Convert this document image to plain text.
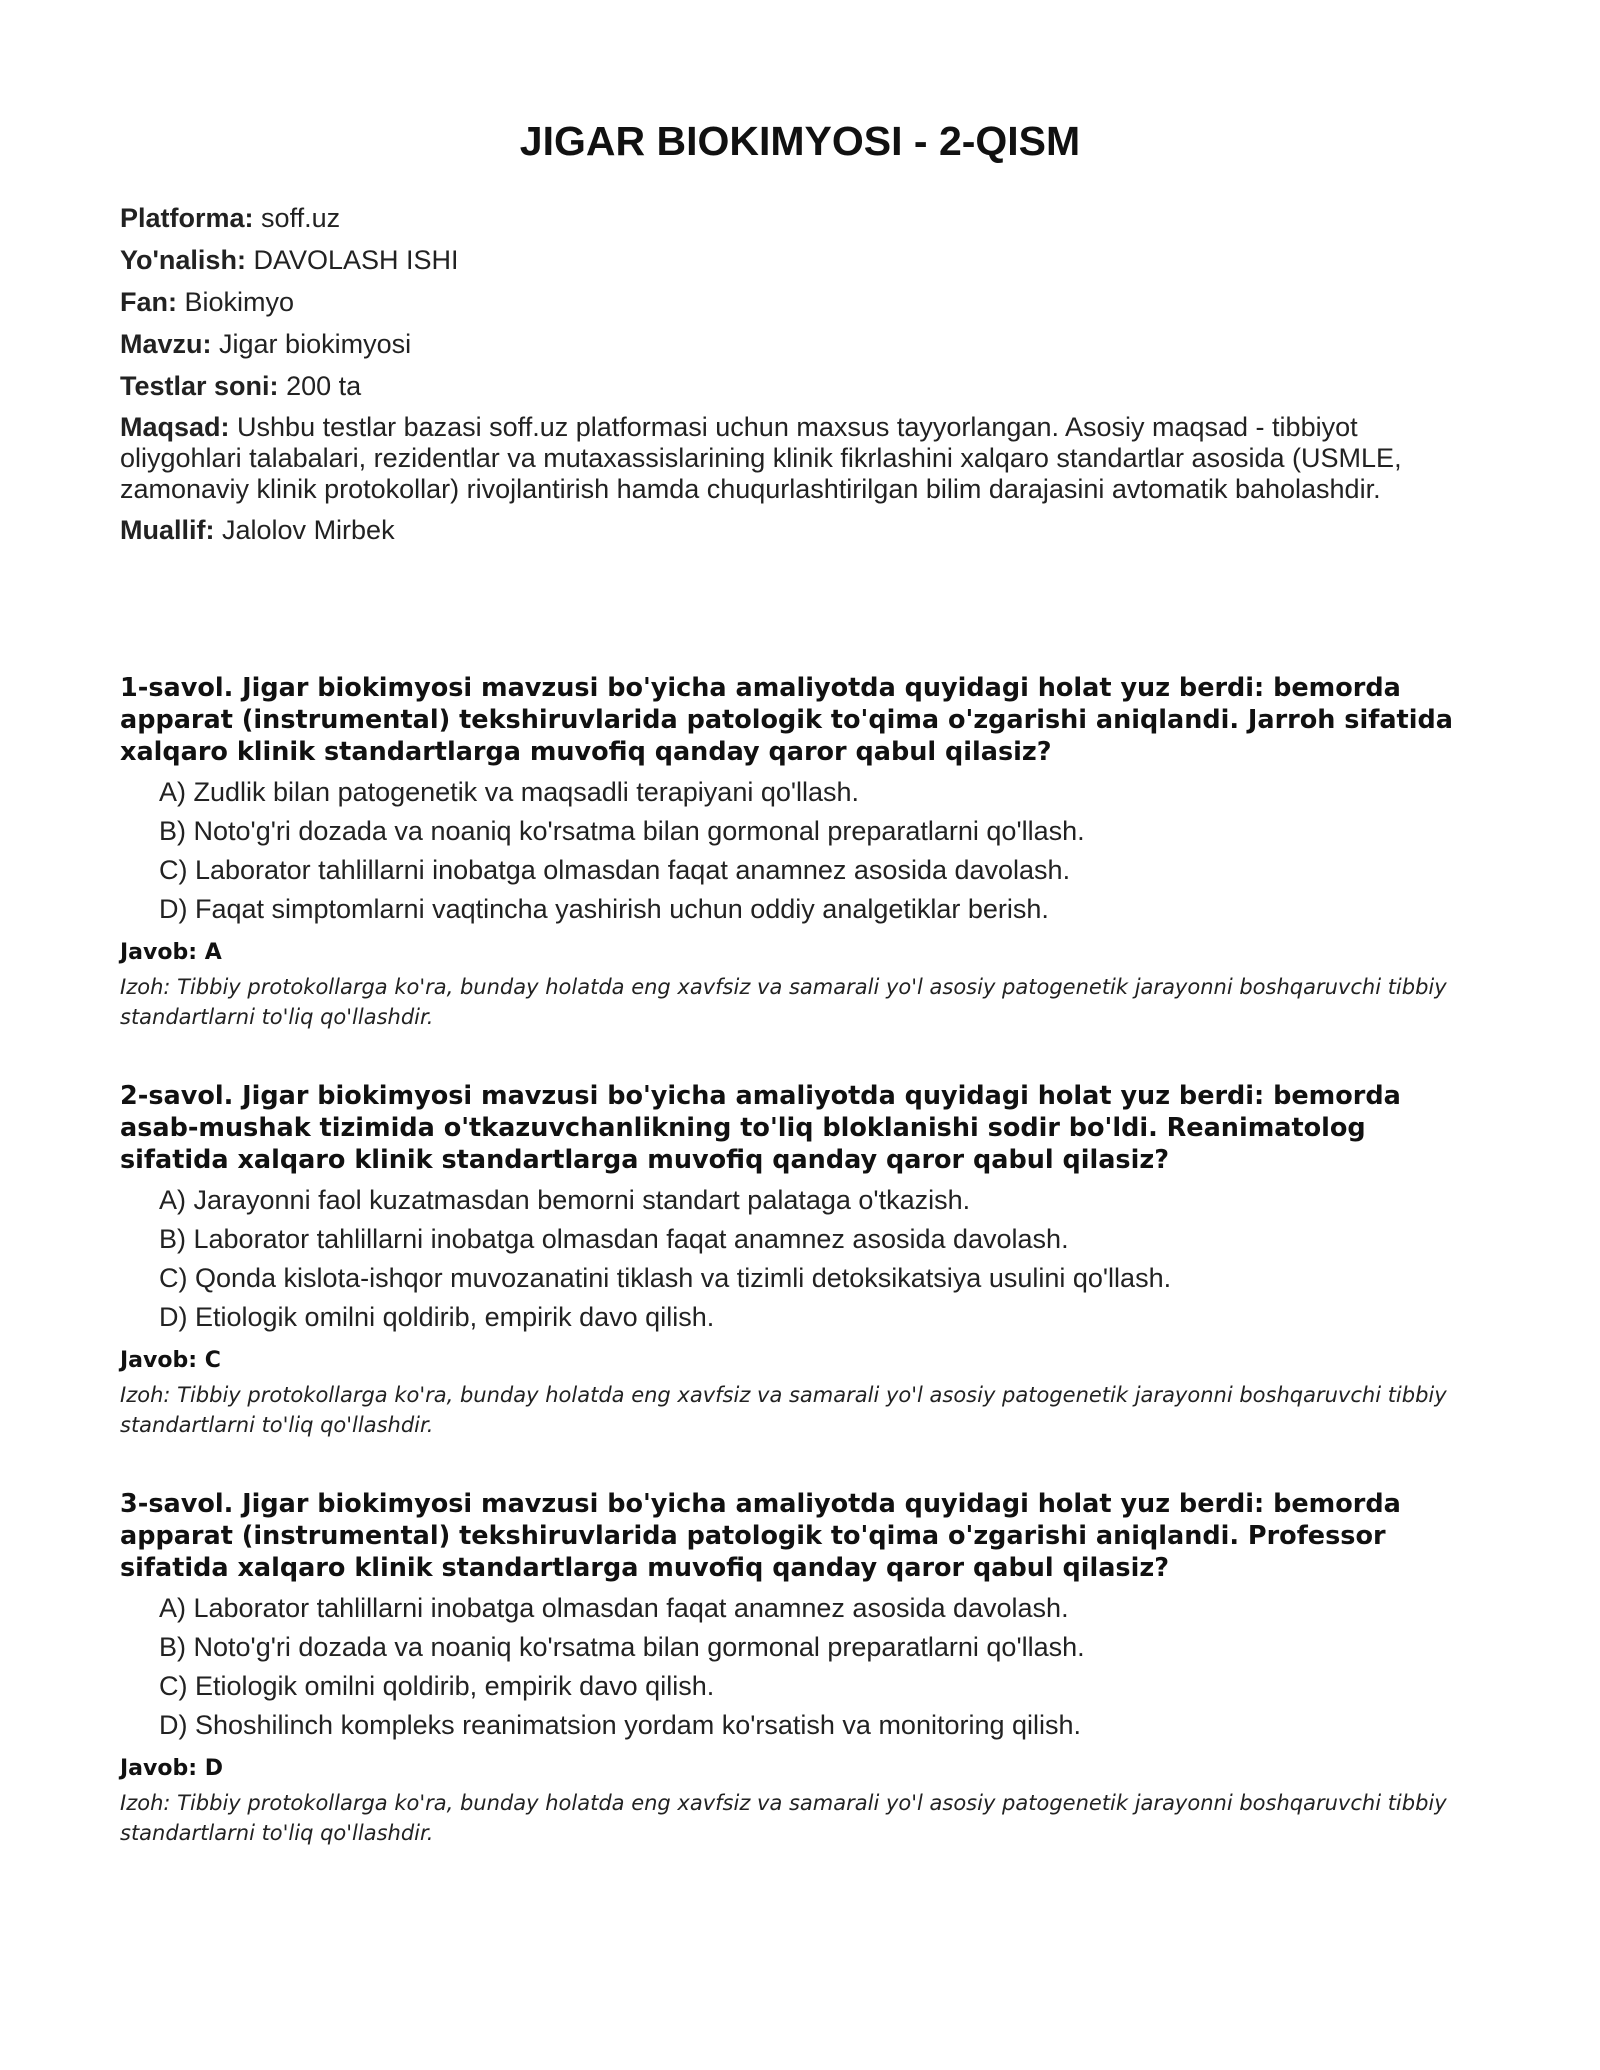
JIGAR BIOKIMYOSI - 2-QISM

Platforma: soff.uz

Yo'nalish: DAVOLASH ISHI

Fan: Biokimyo

Mavzu: Jigar biokimyosi

Testlar soni: 200 ta

Maqsad: Ushbu testlar bazasi soff.uz platformasi uchun maxsus tayyorlangan. Asosiy maqsad - tibbiyot oliygohlari talabalari, rezidentlar va mutaxassislarining klinik fikrlashini xalqaro standartlar asosida (USMLE, zamonaviy klinik protokollar) rivojlantirish hamda chuqurlashtirilgan bilim darajasini avtomatik baholashdir.

Muallif: Jalolov Mirbek

1-savol. Jigar biokimyosi mavzusi bo'yicha amaliyotda quyidagi holat yuz berdi: bemorda apparat (instrumental) tekshiruvlarida patologik to'qima o'zgarishi aniqlandi. Jarroh sifatida xalqaro klinik standartlarga muvofiq qanday qaror qabul qilasiz?

A) Zudlik bilan patogenetik va maqsadli terapiyani qo'llash.
B) Noto'g'ri dozada va noaniq ko'rsatma bilan gormonal preparatlarni qo'llash.
C) Laborator tahlillarni inobatga olmasdan faqat anamnez asosida davolash.
D) Faqat simptomlarni vaqtincha yashirish uchun oddiy analgetiklar berish.

Javob: A

Izoh: Tibbiy protokollarga ko'ra, bunday holatda eng xavfsiz va samarali yo'l asosiy patogenetik jarayonni boshqaruvchi tibbiy standartlarni to'liq qo'llashdir.

2-savol. Jigar biokimyosi mavzusi bo'yicha amaliyotda quyidagi holat yuz berdi: bemorda asab-mushak tizimida o'tkazuvchanlikning to'liq bloklanishi sodir bo'ldi. Reanimatolog sifatida xalqaro klinik standartlarga muvofiq qanday qaror qabul qilasiz?

A) Jarayonni faol kuzatmasdan bemorni standart palataga o'tkazish.
B) Laborator tahlillarni inobatga olmasdan faqat anamnez asosida davolash.
C) Qonda kislota-ishqor muvozanatini tiklash va tizimli detoksikatsiya usulini qo'llash.
D) Etiologik omilni qoldirib, empirik davo qilish.

Javob: C

Izoh: Tibbiy protokollarga ko'ra, bunday holatda eng xavfsiz va samarali yo'l asosiy patogenetik jarayonni boshqaruvchi tibbiy standartlarni to'liq qo'llashdir.

3-savol. Jigar biokimyosi mavzusi bo'yicha amaliyotda quyidagi holat yuz berdi: bemorda apparat (instrumental) tekshiruvlarida patologik to'qima o'zgarishi aniqlandi. Professor sifatida xalqaro klinik standartlarga muvofiq qanday qaror qabul qilasiz?

A) Laborator tahlillarni inobatga olmasdan faqat anamnez asosida davolash.
B) Noto'g'ri dozada va noaniq ko'rsatma bilan gormonal preparatlarni qo'llash.
C) Etiologik omilni qoldirib, empirik davo qilish.
D) Shoshilinch kompleks reanimatsion yordam ko'rsatish va monitoring qilish.

Javob: D

Izoh: Tibbiy protokollarga ko'ra, bunday holatda eng xavfsiz va samarali yo'l asosiy patogenetik jarayonni boshqaruvchi tibbiy standartlarni to'liq qo'llashdir.
